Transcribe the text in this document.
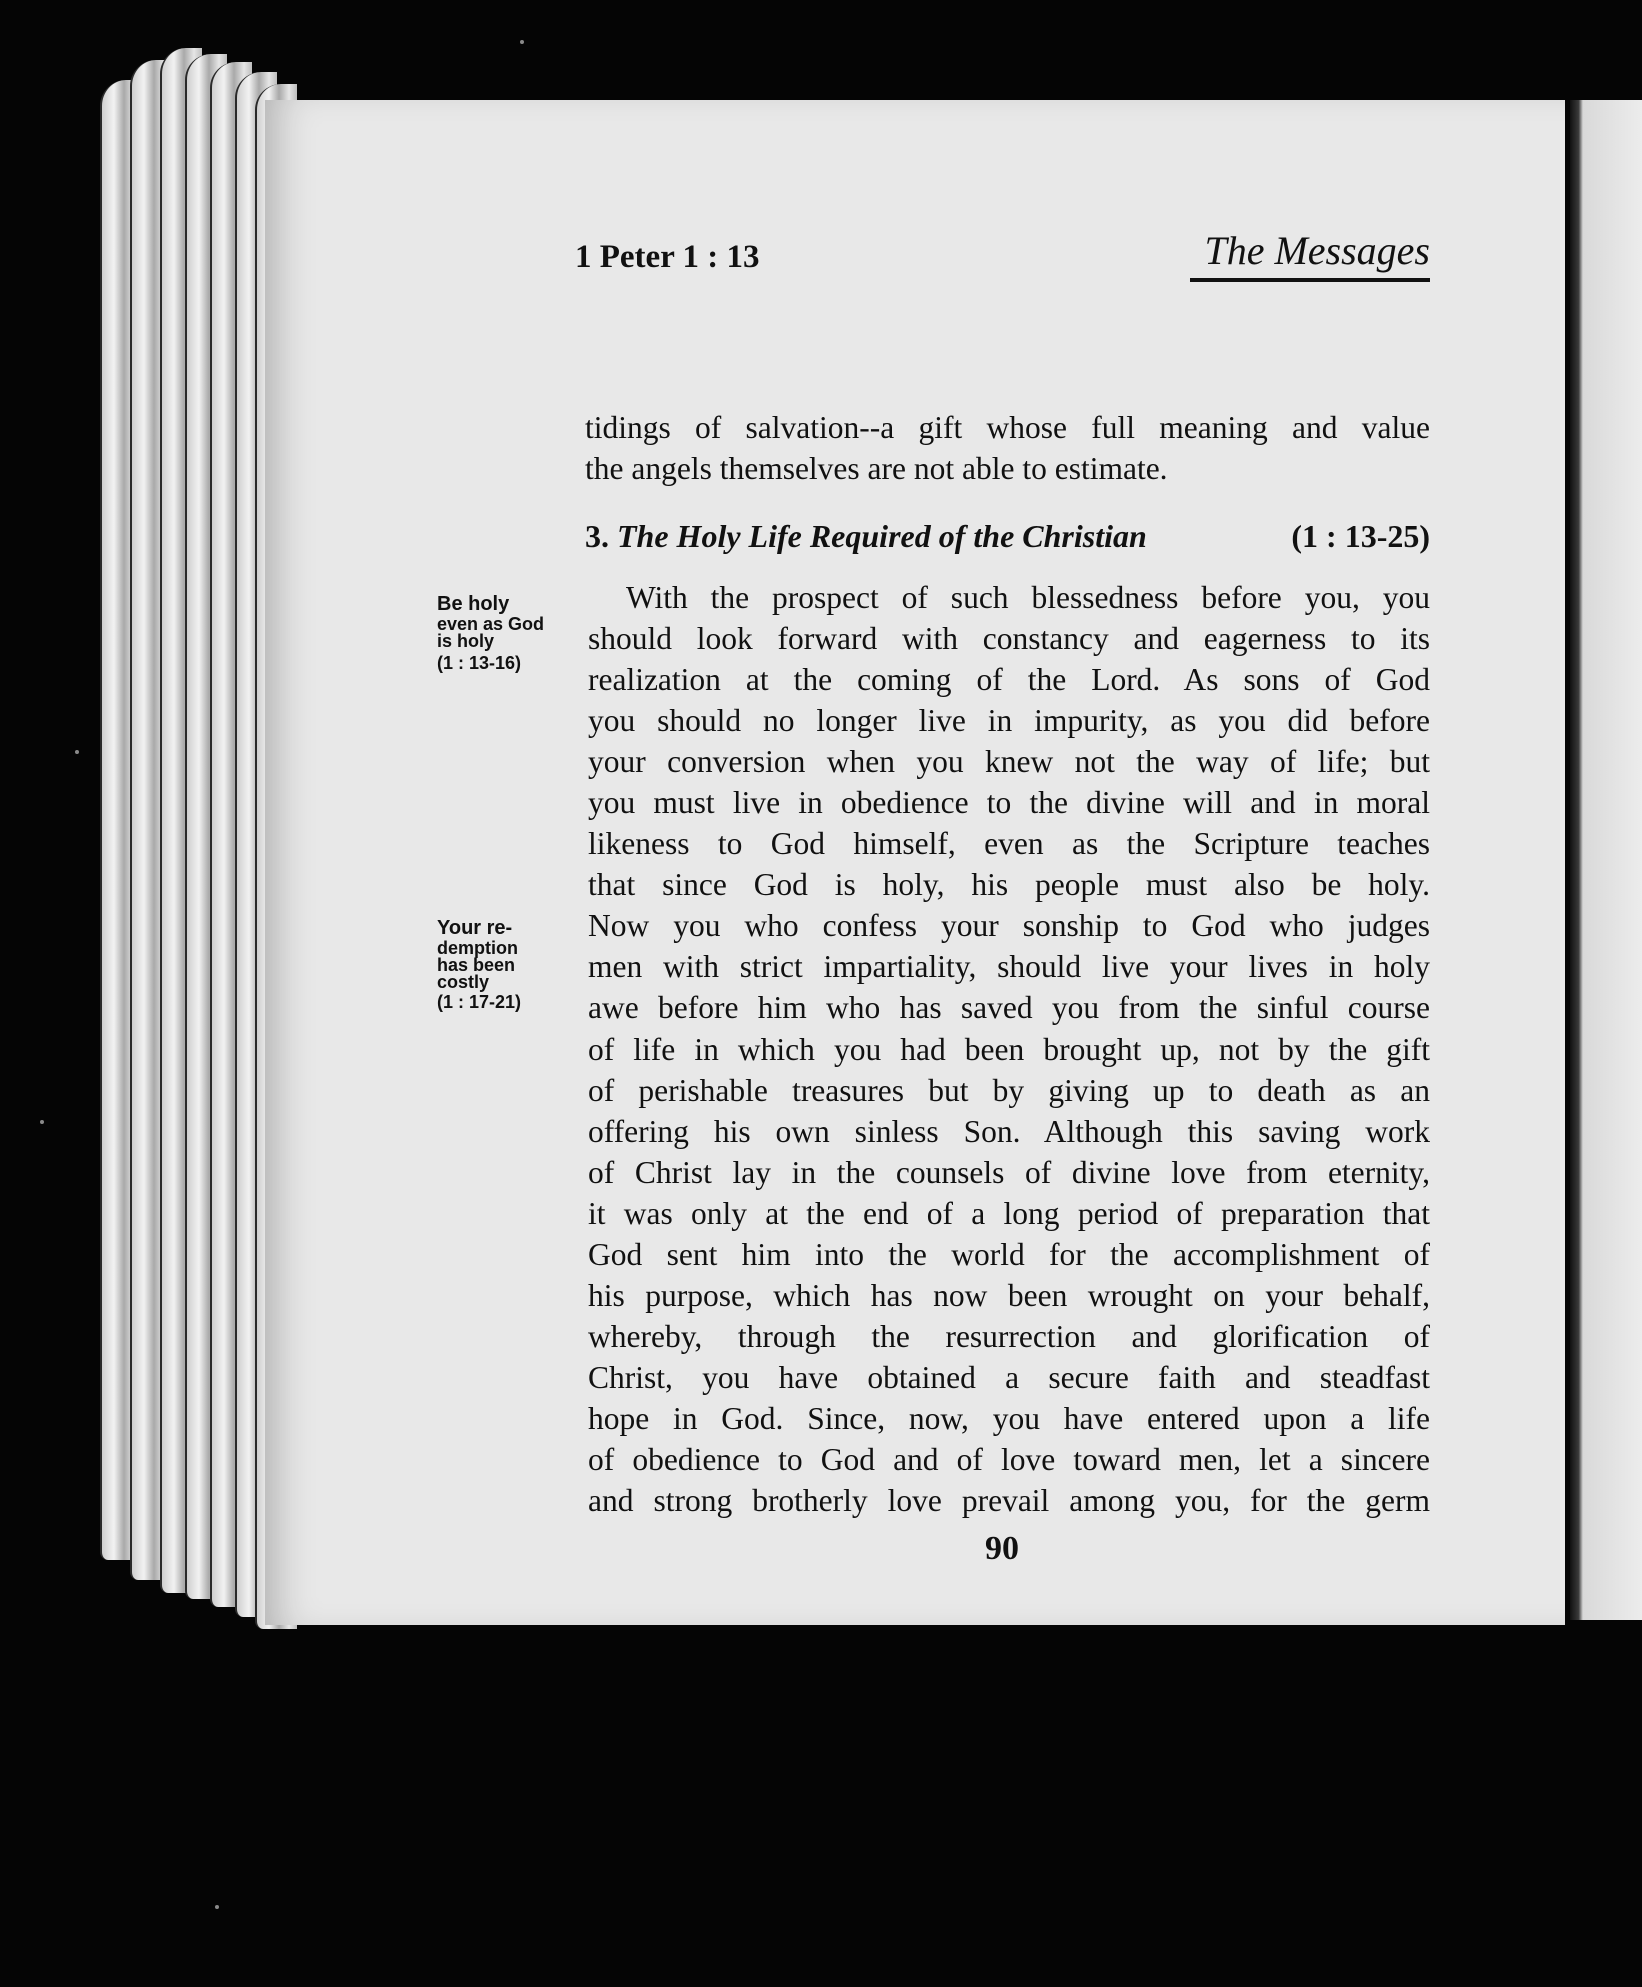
1 Peter 1 : 13	The Messages
tidings of salvation--a gift whose full meaning and value
the angels themselves are not able to estimate.
3. The Holy Life Required of the Christian	(1 : 13-25)
Be holy
even as God
is holy
(1 : 13-16)
Your re-
demption
has been
costly
(1 : 17-21)
With the prospect of such blessedness before you, you
should look forward with constancy and eagerness to its
realization at the coming of the Lord. As sons of God
you should no longer live in impurity, as you did before
your conversion when you knew not the way of life; but
you must live in obedience to the divine will and in moral
likeness to God himself, even as the Scripture teaches
that since God is holy, his people must also be holy.
Now you who confess your sonship to God who judges
men with strict impartiality, should live your lives in holy
awe before him who has saved you from the sinful course
of life in which you had been brought up, not by the gift
of perishable treasures but by giving up to death as an
offering his own sinless Son. Although this saving work
of Christ lay in the counsels of divine love from eternity,
it was only at the end of a long period of preparation that
God sent him into the world for the accomplishment of
his purpose, which has now been wrought on your behalf,
whereby, through the resurrection and glorification of
Christ, you have obtained a secure faith and steadfast
hope in God. Since, now, you have entered upon a life
of obedience to God and of love toward men, let a sincere
and strong brotherly love prevail among you, for the germ
90
